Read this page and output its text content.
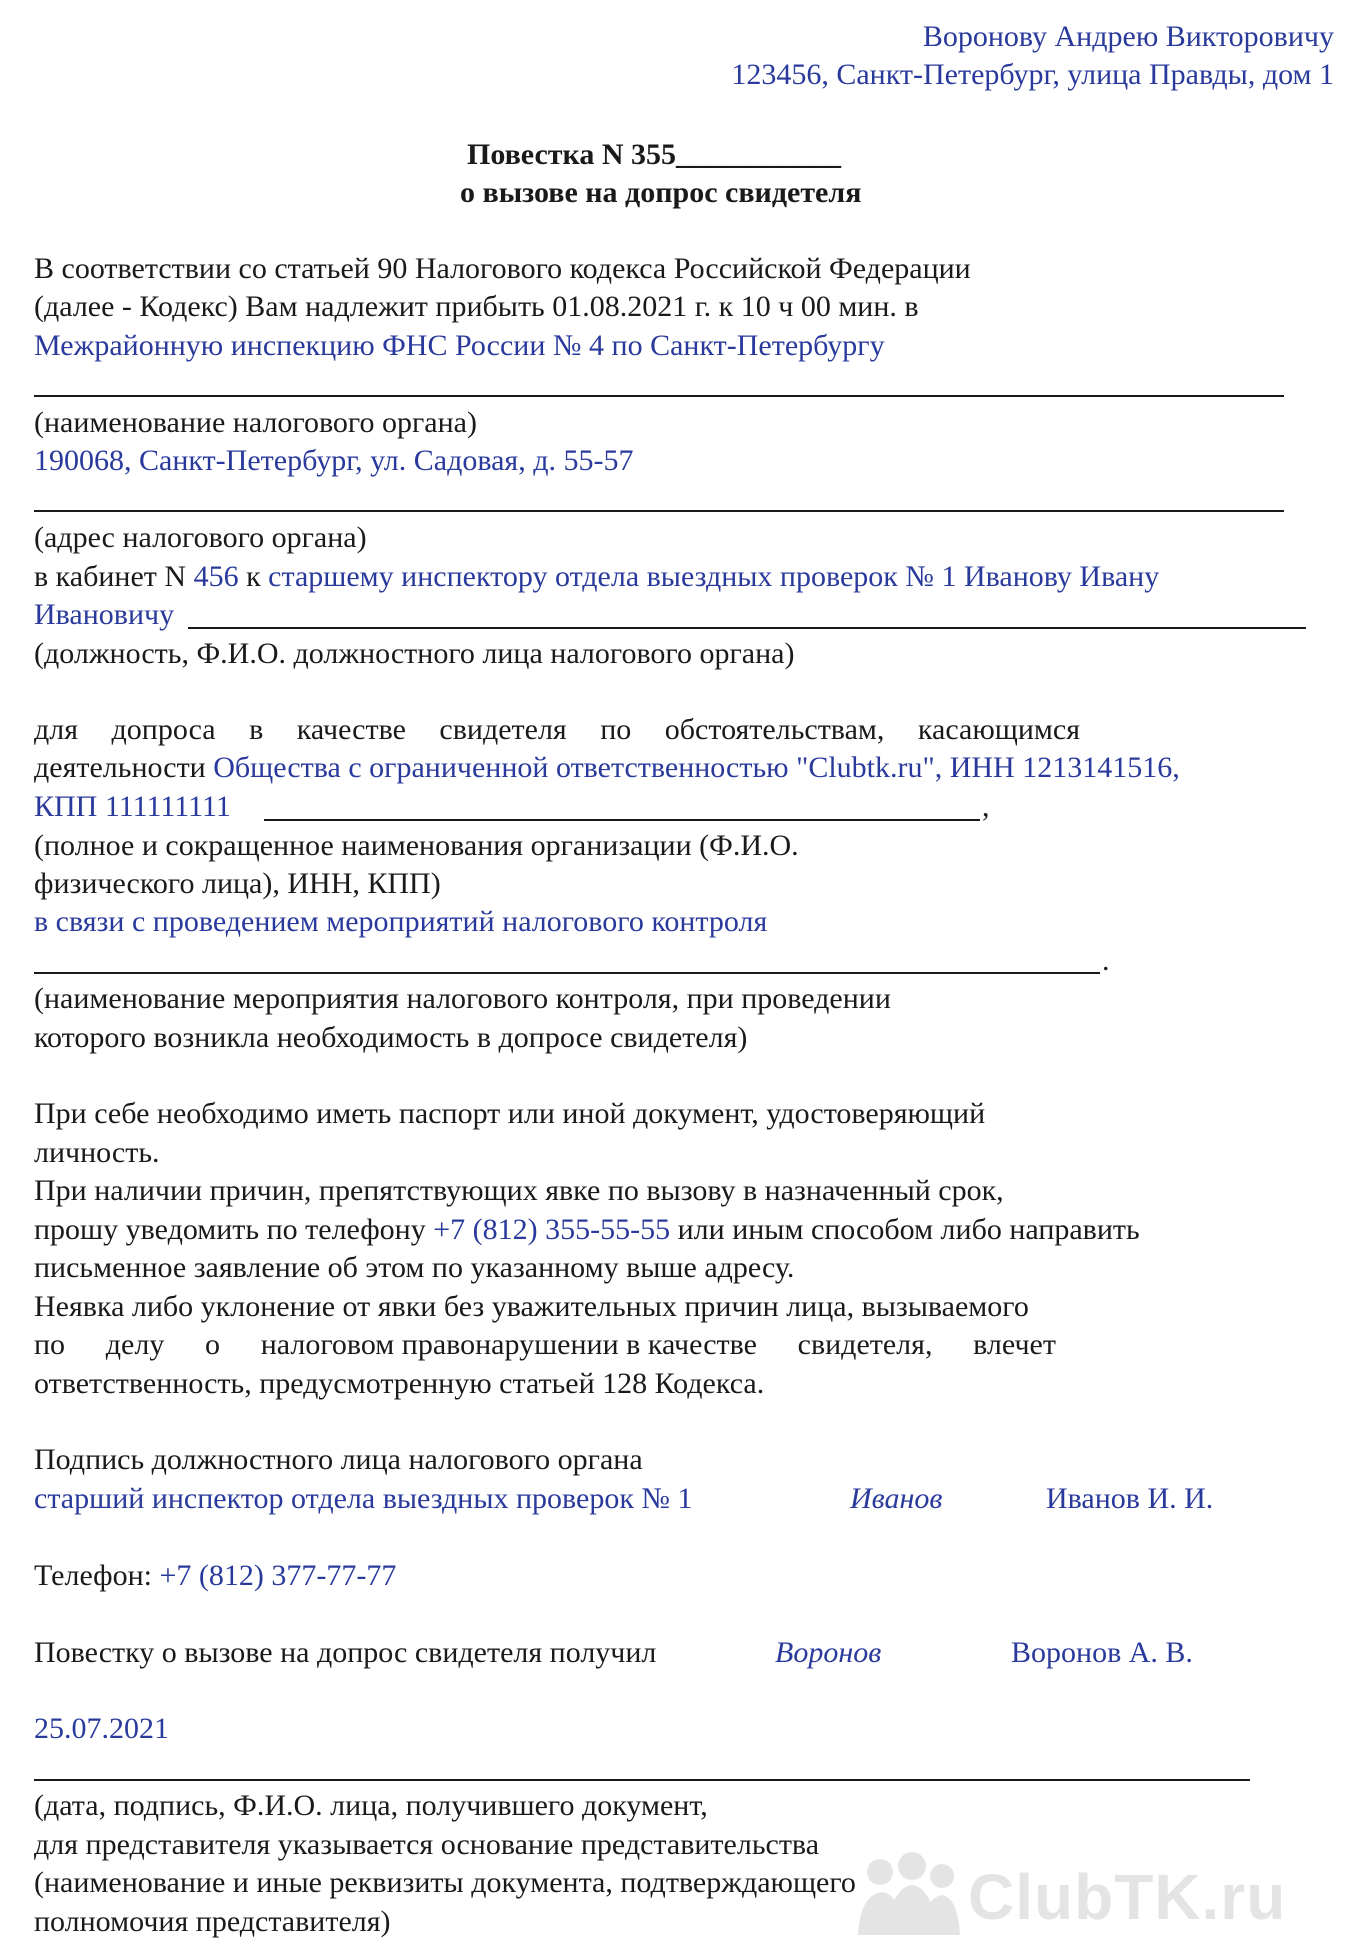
Воронову Андрею Викторовичу
123456, Санкт-Петербург, улица Правды, дом 1
Повестка N 355___________
о вызове на допрос свидетеля
В соответствии со статьей 90 Налогового кодекса Российской Федерации
(далее - Кодекс) Вам надлежит прибыть 01.08.2021 г. к 10 ч 00 мин. в
Межрайонную инспекцию ФНС России № 4 по Санкт-Петербургу
(наименование налогового органа)
190068, Санкт-Петербург, ул. Садовая, д. 55-57
(адрес налогового органа)
в кабинет N 456 к старшему инспектору отдела выездных проверок № 1 Иванову Ивану
Ивановичу
(должность, Ф.И.О. должностного лица налогового органа)
для допроса в качестве свидетеля по обстоятельствам, касающимся
деятельности Общества с ограниченной ответственностью "Clubtk.ru", ИНН 1213141516,
КПП 111111111	,
(полное и сокращенное наименования организации (Ф.И.О.
физического лица), ИНН, КПП)
в связи с проведением мероприятий налогового контроля
.
(наименование мероприятия налогового контроля, при проведении
которого возникла необходимость в допросе свидетеля)
При себе необходимо иметь паспорт или иной документ, удостоверяющий
личность.
При наличии причин, препятствующих явке по вызову в назначенный срок,
прошу уведомить по телефону +7 (812) 355-55-55 или иным способом либо направить
письменное заявление об этом по указанному выше адресу.
Неявка либо уклонение от явки без уважительных причин лица, вызываемого
по делу о налоговом правонарушении в качестве свидетеля, влечет
ответственность, предусмотренную статьей 128 Кодекса.
Подпись должностного лица налогового органа
старший инспектор отдела выездных проверок № 1	Иванов	Иванов И. И.
Телефон: +7 (812) 377-77-77
Повестку о вызове на допрос свидетеля получил	Воронов	Воронов А. В.
25.07.2021
(дата, подпись, Ф.И.О. лица, получившего документ,
для представителя указывается основание представительства
(наименование и иные реквизиты документа, подтверждающего
полномочия представителя)	ClubTK.ru
